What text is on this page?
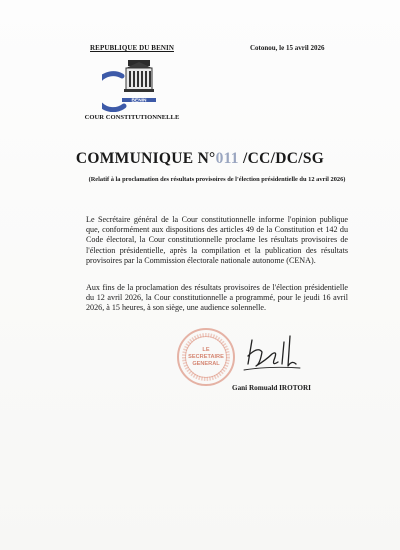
REPUBLIQUE DU BENIN
BENIN
COUR CONSTITUTIONNELLE
Cotonou, le 15 avril 2026
COMMUNIQUE N°011 /CC/DC/SG
(Relatif à la proclamation des résultats provisoires de l'élection présidentielle du 12 avril 2026)
Le Secrétaire général de la Cour constitutionnelle informe l'opinion publique que, conformément aux dispositions des articles 49 de la Constitution et 142 du Code électoral, la Cour constitutionnelle proclame les résultats provisoires de l'élection présidentielle, après la compilation et la publication des résultats provisoires par la Commission électorale nationale autonome (CENA).
Aux fins de la proclamation des résultats provisoires de l'élection présidentielle du 12 avril 2026, la Cour constitutionnelle a programmé, pour le jeudi 16 avril 2026, à 15 heures, à son siège, une audience solennelle.
LE
SECRETAIRE
GENERAL
Gani Romuald IROTORI
